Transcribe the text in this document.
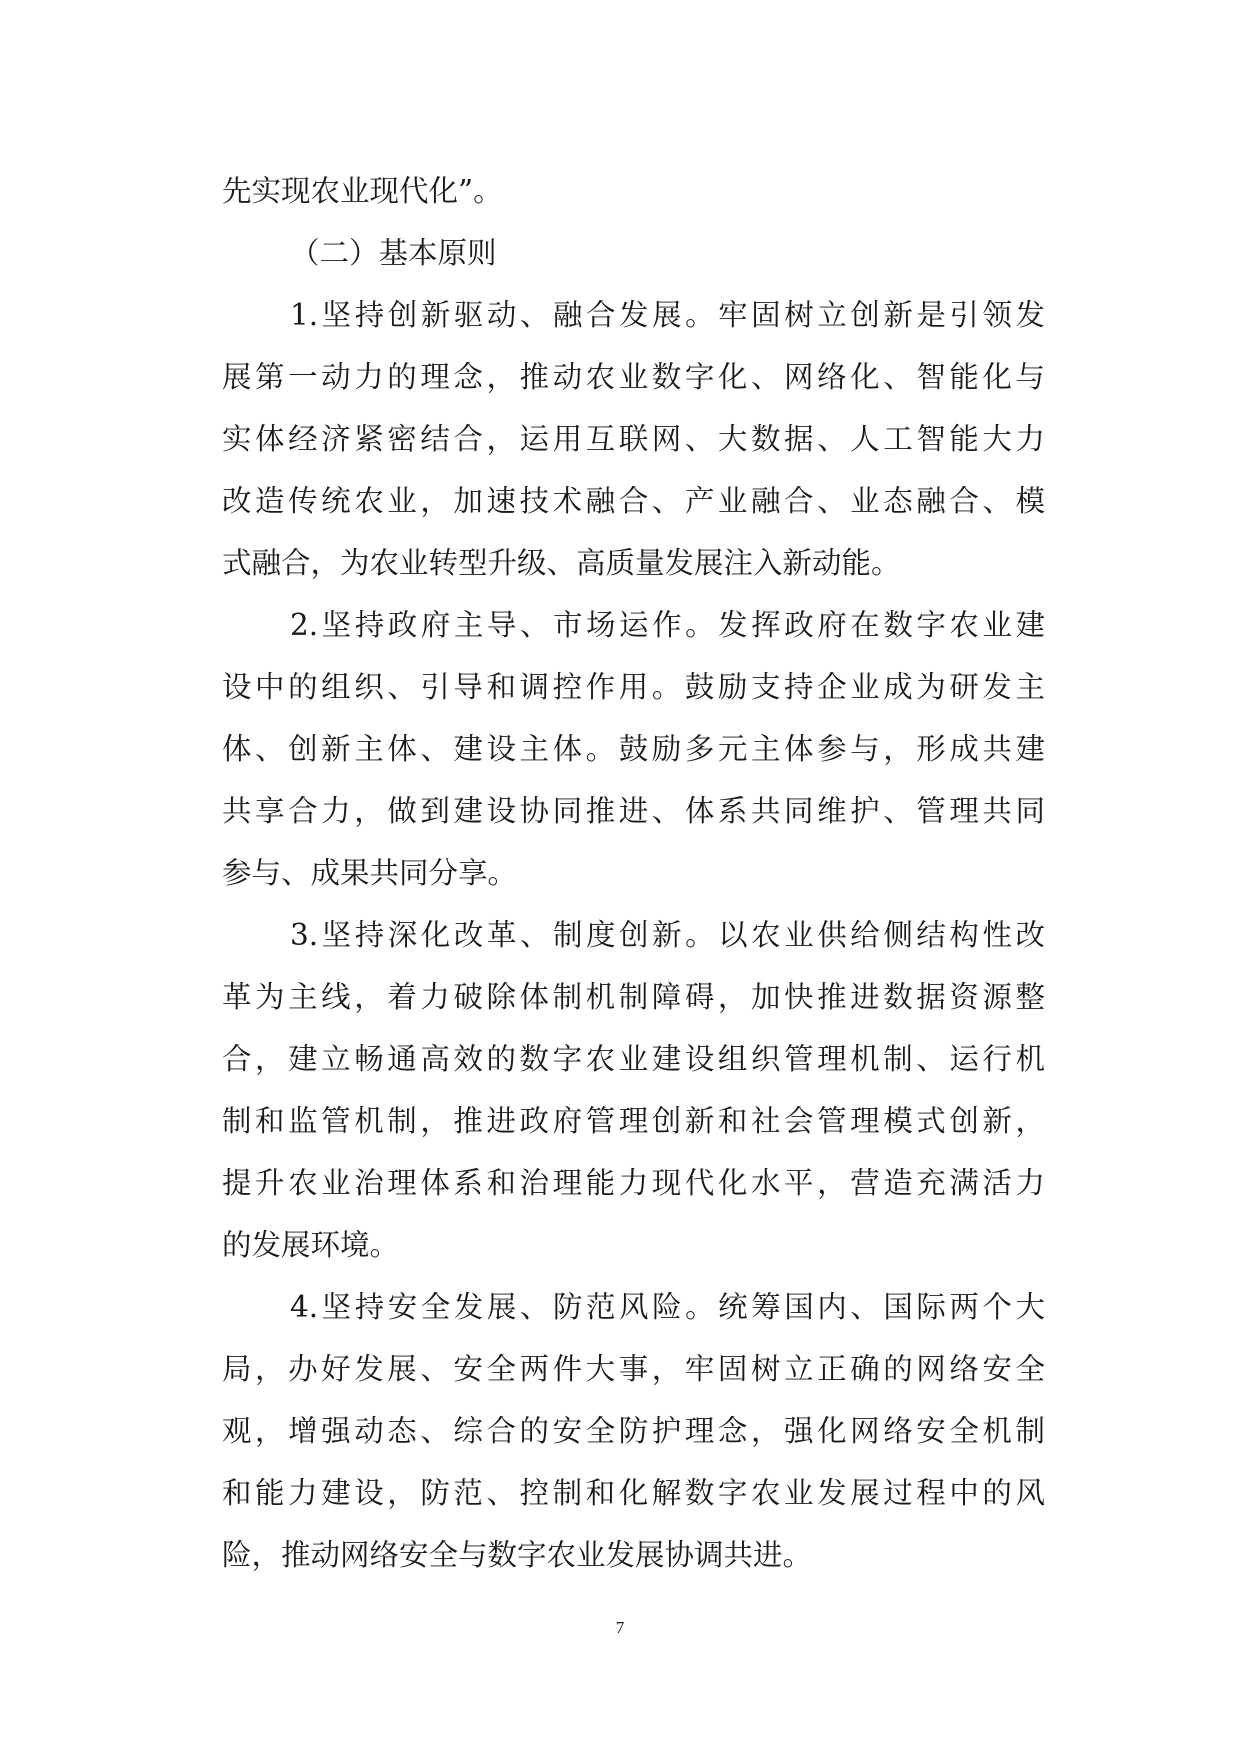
先实现农业现代化”。
（二）基本原则
1.坚持创新驱动、融合发展。牢固树立创新是引领发
展第一动力的理念，推动农业数字化、网络化、智能化与
实体经济紧密结合，运用互联网、大数据、人工智能大力
改造传统农业，加速技术融合、产业融合、业态融合、模
式融合，为农业转型升级、高质量发展注入新动能。
2.坚持政府主导、市场运作。发挥政府在数字农业建
设中的组织、引导和调控作用。鼓励支持企业成为研发主
体、创新主体、建设主体。鼓励多元主体参与，形成共建
共享合力，做到建设协同推进、体系共同维护、管理共同
参与、成果共同分享。
3.坚持深化改革、制度创新。以农业供给侧结构性改
革为主线，着力破除体制机制障碍，加快推进数据资源整
合，建立畅通高效的数字农业建设组织管理机制、运行机
制和监管机制，推进政府管理创新和社会管理模式创新，
提升农业治理体系和治理能力现代化水平，营造充满活力
的发展环境。
4.坚持安全发展、防范风险。统筹国内、国际两个大
局，办好发展、安全两件大事，牢固树立正确的网络安全
观，增强动态、综合的安全防护理念，强化网络安全机制
和能力建设，防范、控制和化解数字农业发展过程中的风
险，推动网络安全与数字农业发展协调共进。
7
